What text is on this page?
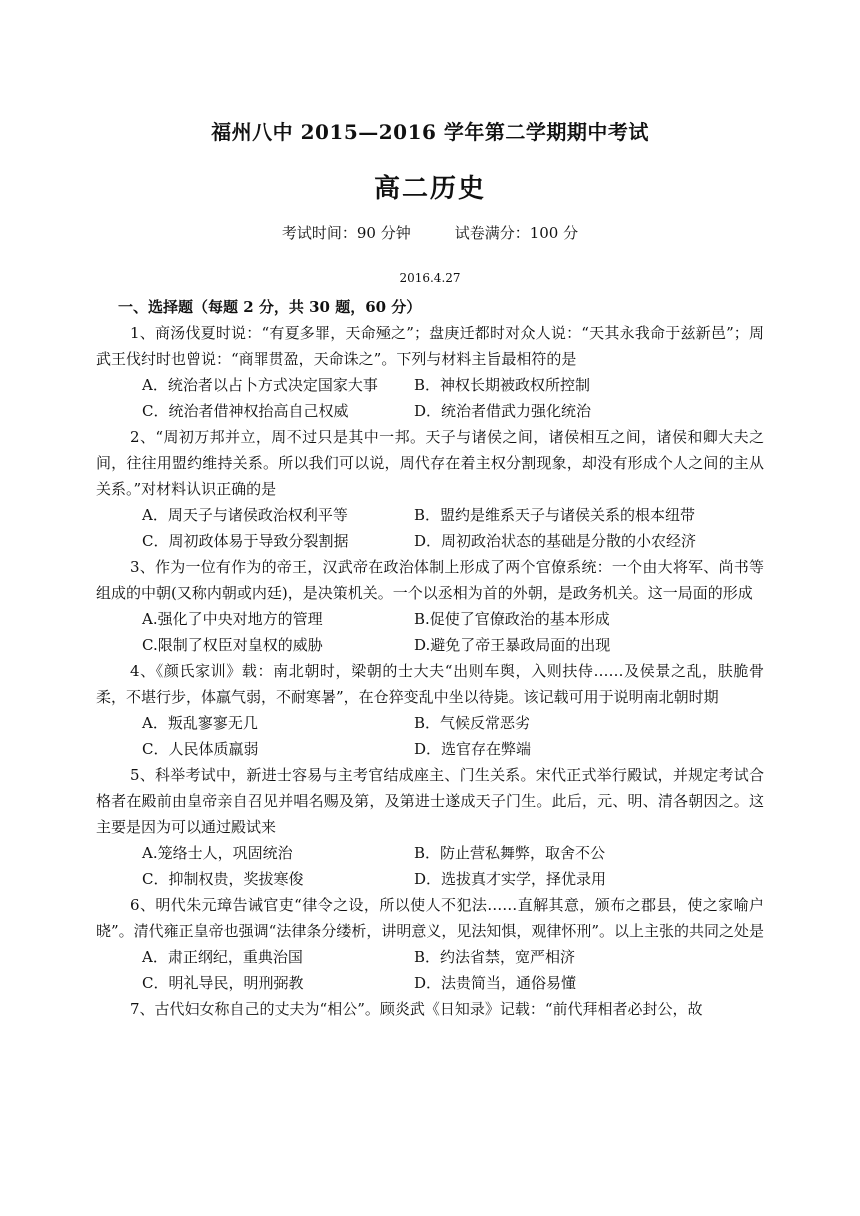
福州八中 2015—2016 学年第二学期期中考试
高二历史
考试时间：90 分钟	试卷满分：100 分
2016.4.27
一、选择题（每题 2 分，共 30 题，60 分）

1、商汤伐夏时说：“有夏多罪，天命殛之”；盘庚迁都时对众人说：“天其永我命于兹新邑”；周武王伐纣时也曾说：“商罪贯盈，天命诛之”。下列与材料主旨最相符的是

A．统治者以占卜方式决定国家大事	B．神权长期被政权所控制
C．统治者借神权抬高自己权威	D．统治者借武力强化统治

2、“周初万邦并立，周不过只是其中一邦。天子与诸侯之间，诸侯相互之间，诸侯和卿大夫之间，往往用盟约维持关系。所以我们可以说，周代存在着主权分割现象，却没有形成个人之间的主从关系。”对材料认识正确的是

A．周天子与诸侯政治权利平等	B．盟约是维系天子与诸侯关系的根本纽带
C．周初政体易于导致分裂割据	D．周初政治状态的基础是分散的小农经济

3、作为一位有作为的帝王，汉武帝在政治体制上形成了两个官僚系统：一个由大将军、尚书等组成的中朝(又称内朝或内廷)，是决策机关。一个以丞相为首的外朝，是政务机关。这一局面的形成

A.强化了中央对地方的管理	B.促使了官僚政治的基本形成
C.限制了权臣对皇权的威胁	D.避免了帝王暴政局面的出现

4、《颜氏家训》载：南北朝时，梁朝的士大夫“出则车舆，入则扶侍……及侯景之乱，肤脆骨柔，不堪行步，体羸气弱，不耐寒暑”，在仓猝变乱中坐以待毙。该记载可用于说明南北朝时期

A．叛乱寥寥无几	B．气候反常恶劣
C．人民体质羸弱	D．选官存在弊端

5、科举考试中，新进士容易与主考官结成座主、门生关系。宋代正式举行殿试，并规定考试合格者在殿前由皇帝亲自召见并唱名赐及第，及第进士遂成天子门生。此后，元、明、清各朝因之。这主要是因为可以通过殿试来

A.笼络士人，巩固统治	B．防止营私舞弊，取舍不公
C．抑制权贵，奖拔寒俊	D．选拔真才实学，择优录用

6、明代朱元璋告诫官吏“律令之设，所以使人不犯法……直解其意，颁布之郡县，使之家喻户晓”。清代雍正皇帝也强调“法律条分缕析，讲明意义，见法知惧，观律怀刑”。以上主张的共同之处是

A．肃正纲纪，重典治国	B．约法省禁，宽严相济
C．明礼导民，明刑弼教	D．法贵简当，通俗易懂

7、古代妇女称自己的丈夫为“相公”。顾炎武《日知录》记载：“前代拜相者必封公，故
